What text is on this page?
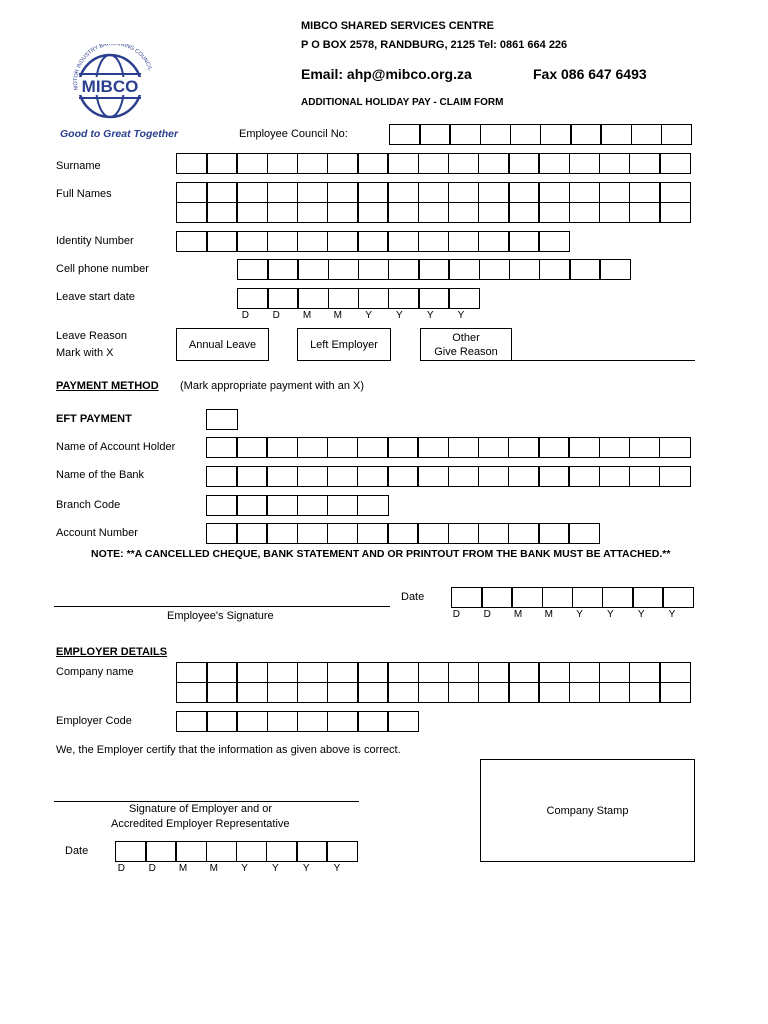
MIBCO
MOTOR INDUSTRY BARGAINING COUNCIL
Good to Great Together
MIBCO SHARED SERVICES CENTRE
P O BOX 2578, RANDBURG, 2125 Tel: 0861 664 226
Email: ahp@mibco.org.za	Fax 086 647 6493
ADDITIONAL HOLIDAY PAY - CLAIM FORM
Employee Council No:
Surname
Full Names
Identity Number
Cell phone number
Leave start date
D	D	M	M	Y	Y	Y	Y
Leave Reason
Mark with X
Annual Leave	Left Employer
Other
Give Reason
PAYMENT METHOD (Mark appropriate payment with an X)
EFT PAYMENT
Name of Account Holder
Name of the Bank
Branch Code
Account Number
NOTE: **A CANCELLED CHEQUE, BANK STATEMENT AND OR PRINTOUT FROM THE BANK MUST BE ATTACHED.**
Employee's Signature
Date
D	D	M	M	Y	Y	Y	Y
EMPLOYER DETAILS
Company name
Employer Code
We, the Employer certify that the information as given above is correct.
Company Stamp
Signature of Employer and or
Accredited Employer Representative
Date
D	D	M	M	Y	Y	Y	Y
